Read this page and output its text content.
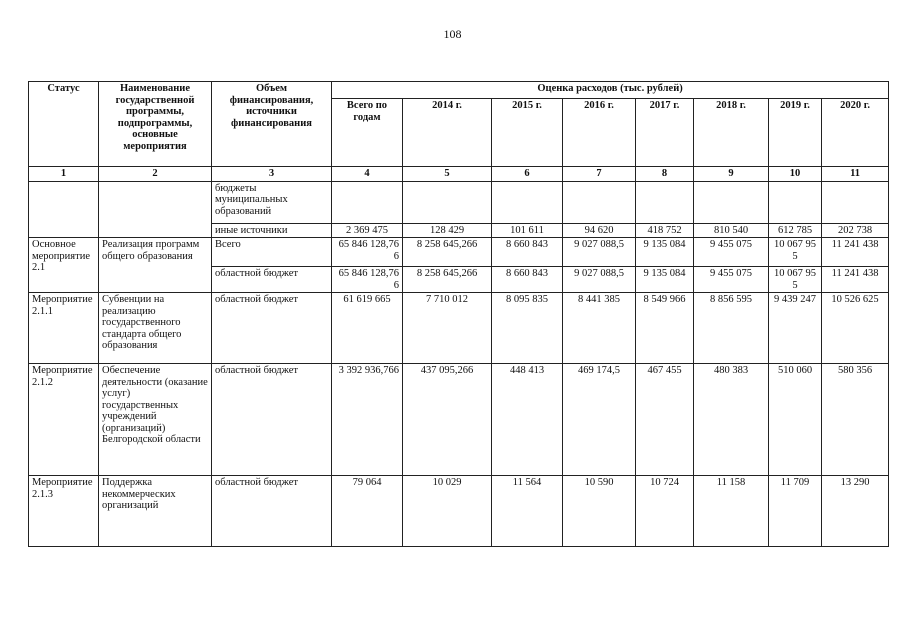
108
Статус	Наименование государственной программы, подпрограммы, основные мероприятия	Объем финансирования, источники финансирования	Оценка расходов (тыс. рублей)							
			Всего по годам	2014 г.	2015 г.	2016 г.	2017 г.	2018 г.	2019 г.	2020 г.
1	2	3	4	5	6	7	8	9	10	11
		бюджеты муниципальных образований								
		иные источники	2 369 475	128 429	101 611	94 620	418 752	810 540	612 785	202 738
Основное мероприятие 2.1	Реализация программ общего образования	Всего	65 846 128,766	8 258 645,266	8 660 843	9 027 088,5	9 135 084	9 455 075	10 067 955	11 241 438
		областной бюджет	65 846 128,766	8 258 645,266	8 660 843	9 027 088,5	9 135 084	9 455 075	10 067 955	11 241 438
Мероприятие 2.1.1	Субвенции на реализацию государственного стандарта общего образования	областной бюджет	61 619 665	7 710 012	8 095 835	8 441 385	8 549 966	8 856 595	9 439 247	10 526 625
Мероприятие 2.1.2	Обеспечение деятельности (оказание услуг) государственных учреждений (организаций) Белгородской области	областной бюджет	3 392 936,766	437 095,266	448 413	469 174,5	467 455	480 383	510 060	580 356
Мероприятие 2.1.3	Поддержка некоммерческих организаций	областной бюджет	79 064	10 029	11 564	10 590	10 724	11 158	11 709	13 290
